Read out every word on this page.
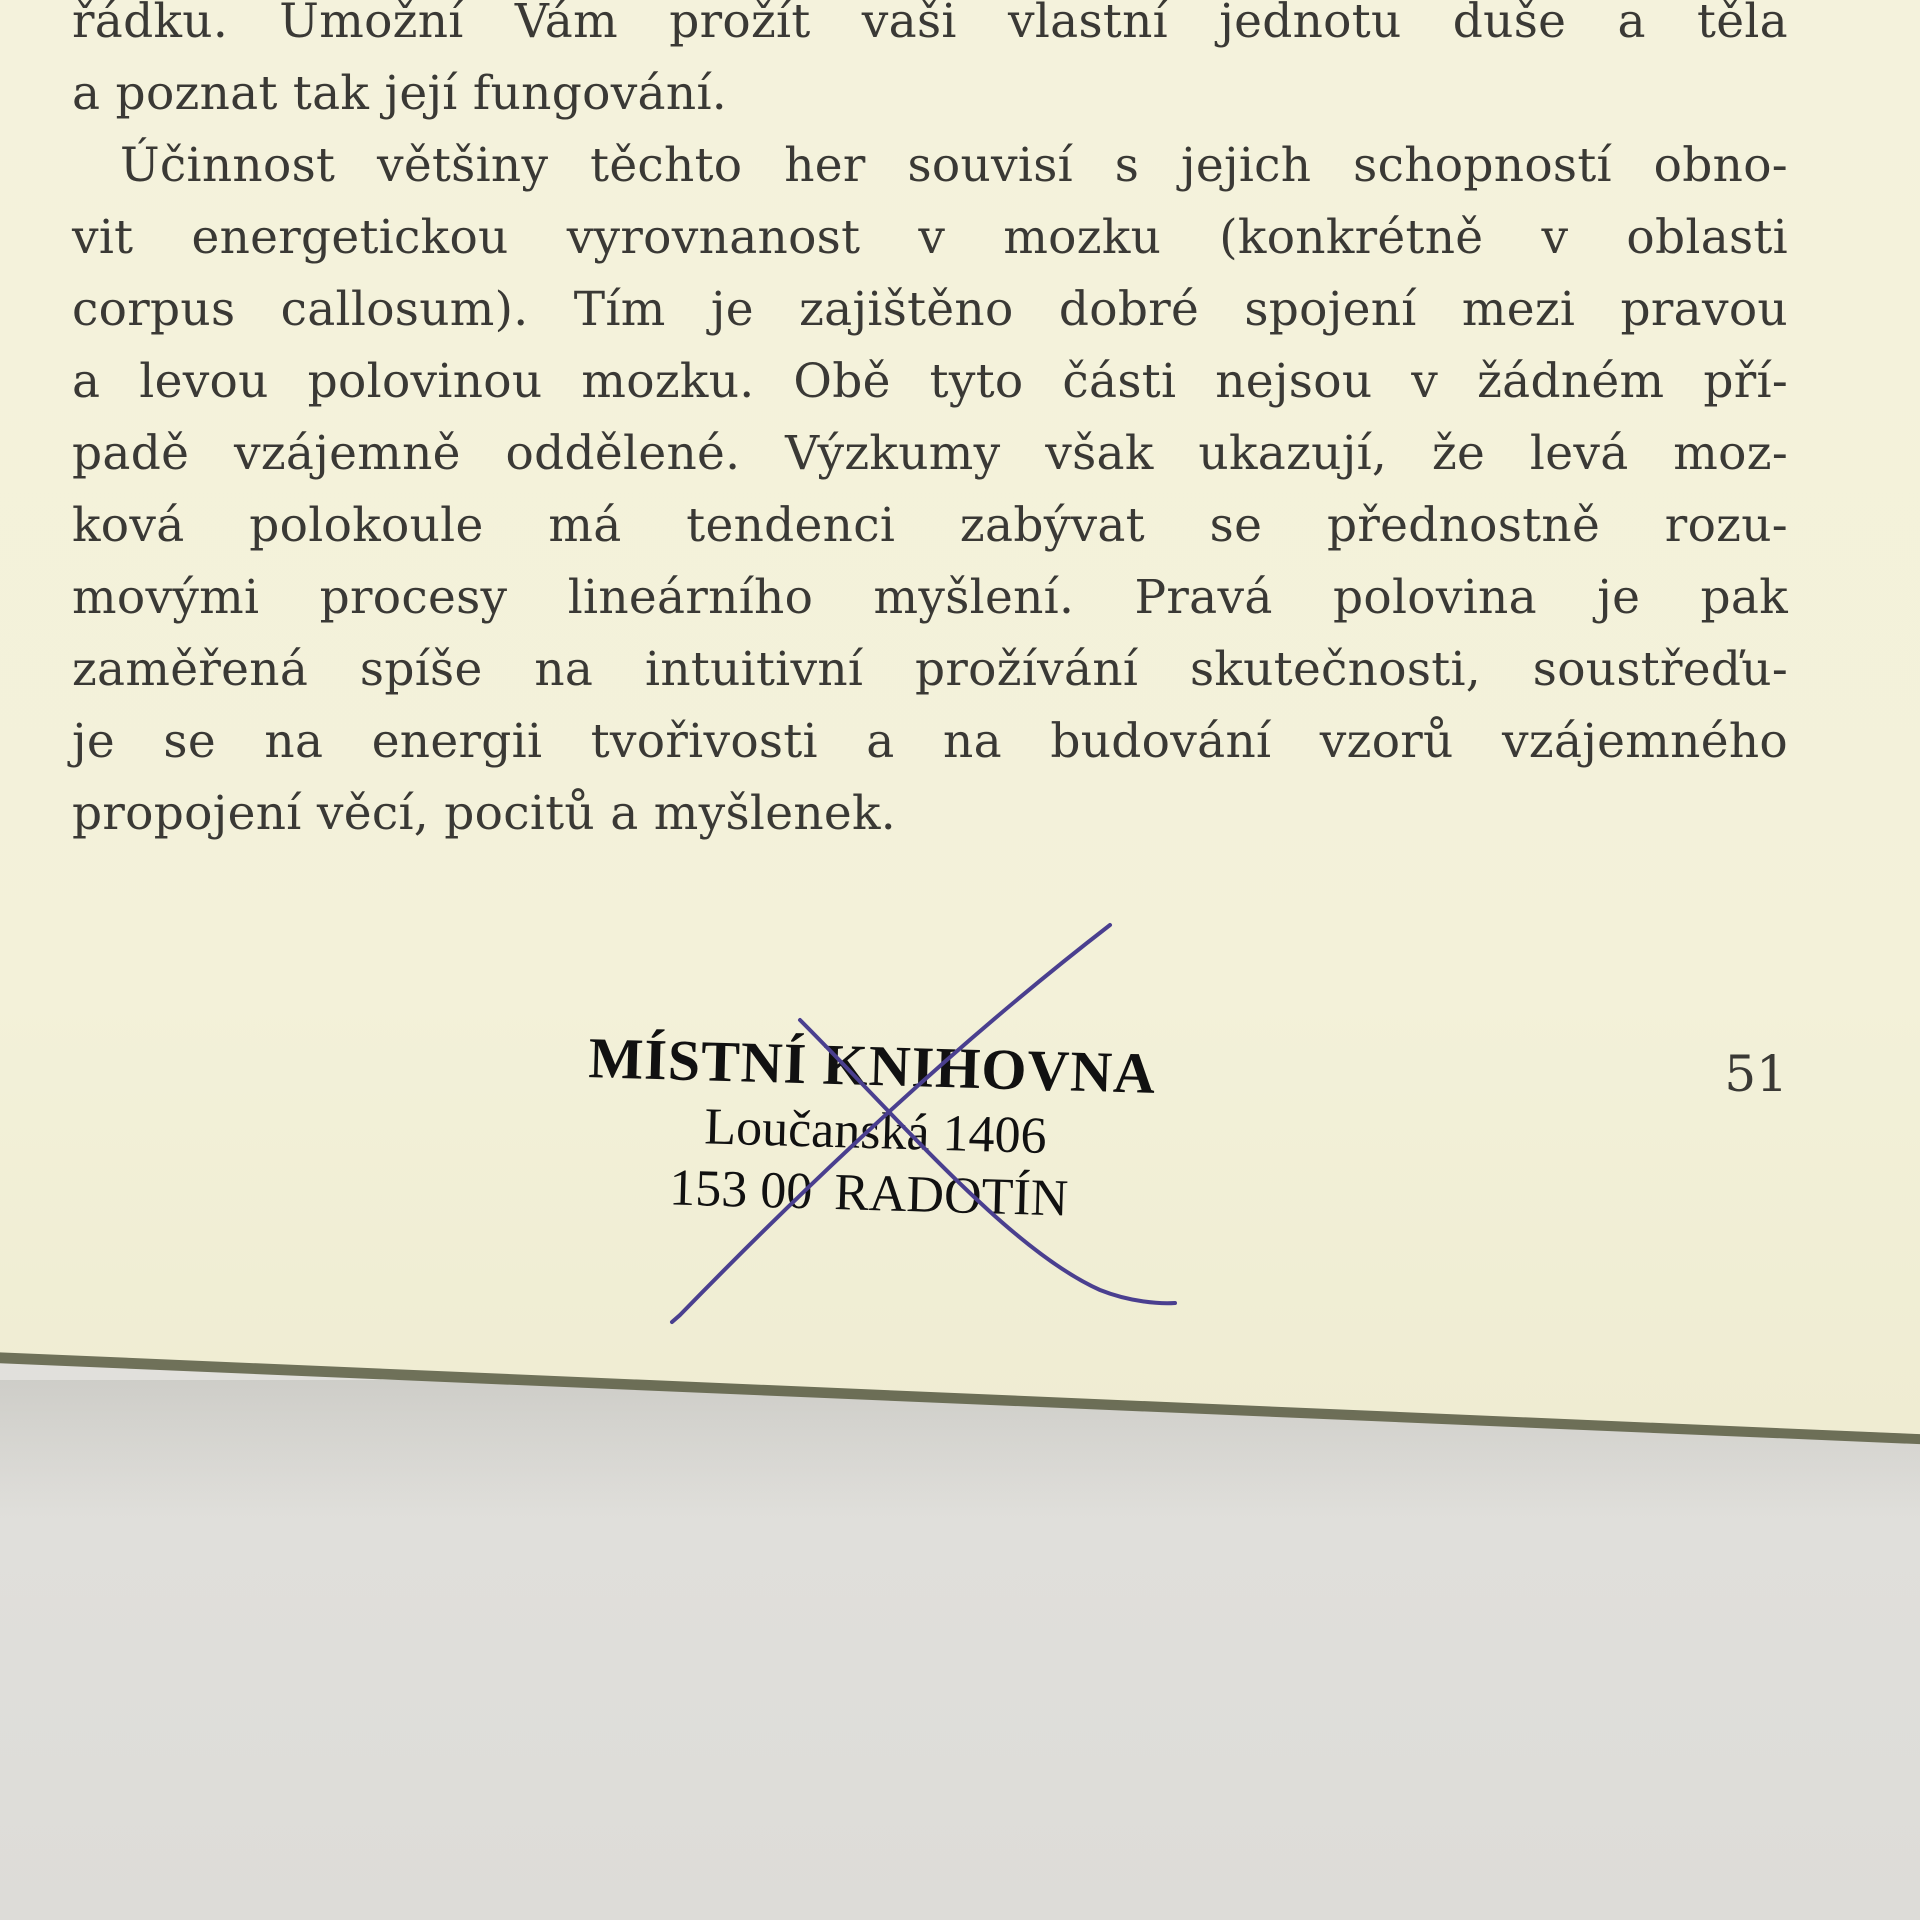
řádku. Umožní Vám prožít vaši vlastní jednotu duše a těla
a poznat tak její fungování.
Účinnost většiny těchto her souvisí s jejich schopností obno-
vit energetickou vyrovnanost v mozku (konkrétně v oblasti
corpus callosum). Tím je zajištěno dobré spojení mezi pravou
a levou polovinou mozku. Obě tyto části nejsou v žádném pří-
padě vzájemně oddělené. Výzkumy však ukazují, že levá moz-
ková polokoule má tendenci zabývat se přednostně rozu-
movými procesy lineárního myšlení. Pravá polovina je pak
zaměřená spíše na intuitivní prožívání skutečnosti, soustřeďu-
je se na energii tvořivosti a na budování vzorů vzájemného
propojení věcí, pocitů a myšlenek.

51
MÍSTNÍ KNIHOVNA
Loučanská 1406
153 00 RADOTÍN
